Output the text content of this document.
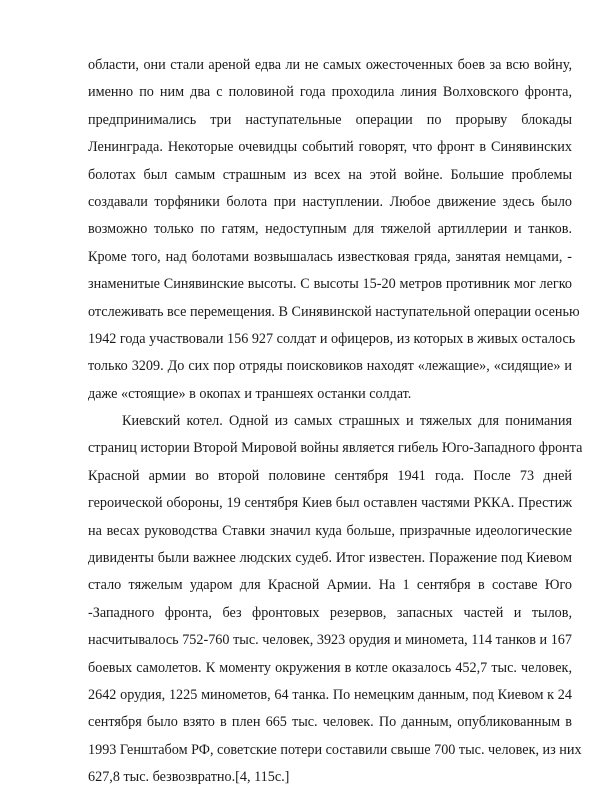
области, они стали ареной едва ли не самых ожесточенных боев за всю войну,
именно по ним два с половиной года проходила линия Волховского фронта,
предпринимались три наступательные операции по прорыву блокады
Ленинграда. Некоторые очевидцы событий говорят, что фронт в Синявинских
болотах был самым страшным из всех на этой войне. Большие проблемы
создавали торфяники болота при наступлении. Любое движение здесь было
возможно только по гатям, недоступным для тяжелой артиллерии и танков.
Кроме того, над болотами возвышалась известковая гряда, занятая немцами, -
знаменитые Синявинские высоты. С высоты 15-20 метров противник мог легко
отслеживать все перемещения. В Синявинской наступательной операции осенью
1942 года участвовали 156 927 солдат и офицеров, из которых в живых осталось
только 3209. До сих пор отряды поисковиков находят «лежащие», «сидящие» и
даже «стоящие» в окопах и траншеях останки солдат.
Киевский котел. Одной из самых страшных и тяжелых для понимания
страниц истории Второй Мировой войны является гибель Юго-Западного фронта
Красной армии во второй половине сентября 1941 года. После 73 дней
героической обороны, 19 сентября Киев был оставлен частями РККА. Престиж
на весах руководства Ставки значил куда больше, призрачные идеологические
дивиденты были важнее людских судеб. Итог известен. Поражение под Киевом
стало тяжелым ударом для Красной Армии. На 1 сентября в составе Юго
-Западного фронта, без фронтовых резервов, запасных частей и тылов,
насчитывалось 752-760 тыс. человек, 3923 орудия и миномета, 114 танков и 167
боевых самолетов. К моменту окружения в котле оказалось 452,7 тыс. человек,
2642 орудия, 1225 минометов, 64 танка. По немецким данным, под Киевом к 24
сентября было взято в плен 665 тыс. человек. По данным, опубликованным в
1993 Генштабом РФ, советские потери составили свыше 700 тыс. человек, из них
627,8 тыс. безвозвратно.[4, 115с.]
